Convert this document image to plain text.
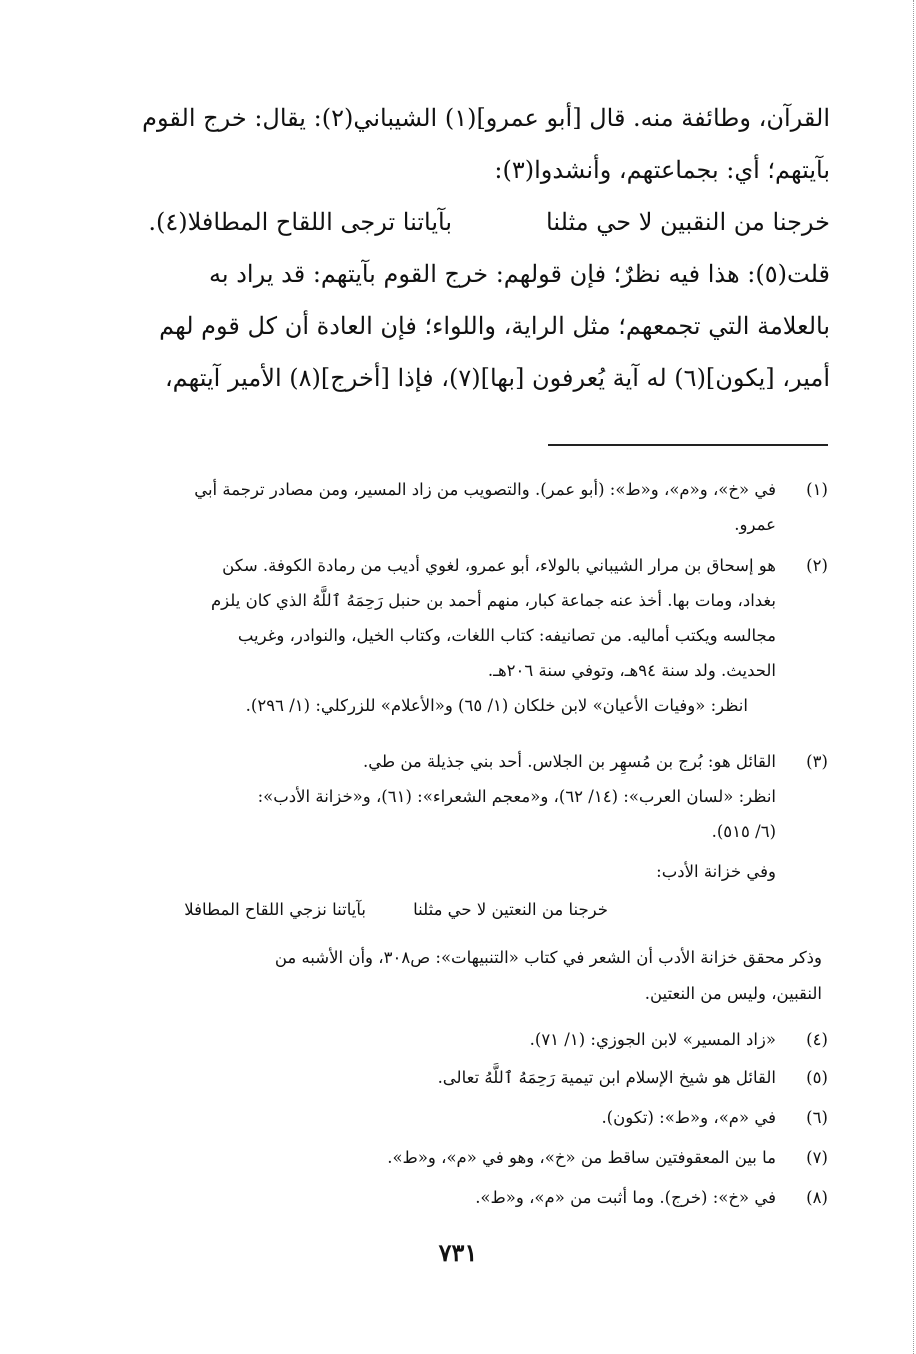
القرآن، وطائفة منه. قال [أبو عمرو](١) الشيباني(٢): يقال: خرج القوم
بآيتهم؛ أي: بجماعتهم، وأنشدوا(٣):
خرجنا من النقبين لا حي مثلنا
بآياتنا ترجى اللقاح المطافلا(٤).
قلت(٥): هذا فيه نظرٌ؛ فإن قولهم: خرج القوم بآيتهم: قد يراد به
بالعلامة التي تجمعهم؛ مثل الراية، واللواء؛ فإن العادة أن كل قوم لهم
أمير، [يكون](٦) له آية يُعرفون [بها](٧)، فإذا [أخرج](٨) الأمير آيتهم،
(١)
في «خ»، و«م»، و«ط»: (أبو عمر). والتصويب من زاد المسير، ومن مصادر ترجمة أبي
عمرو.
(٢)
هو إسحاق بن مرار الشيباني بالولاء، أبو عمرو، لغوي أديب من رمادة الكوفة. سكن
بغداد، ومات بها. أخذ عنه جماعة كبار، منهم أحمد بن حنبل رَحِمَهُ ٱللَّهُ الذي كان يلزم
مجالسه ويكتب أماليه. من تصانيفه: كتاب اللغات، وكتاب الخيل، والنوادر، وغريب
الحديث. ولد سنة ٩٤هـ، وتوفي سنة ٢٠٦هـ.
انظر: «وفيات الأعيان» لابن خلكان (١/ ٦٥) و«الأعلام» للزركلي: (١/ ٢٩٦).
(٣)
القائل هو: بُرج بن مُسهِر بن الجلاس. أحد بني جذيلة من طي.
انظر: «لسان العرب»: (١٤/ ٦٢)، و«معجم الشعراء»: (٦١)، و«خزانة الأدب»:
(٦/ ٥١٥).
وفي خزانة الأدب:
خرجنا من النعتين لا حي مثلنا
بآياتنا نزجي اللقاح المطافلا
وذكر محقق خزانة الأدب أن الشعر في كتاب «التنبيهات»: ص٣٠٨، وأن الأشبه من
النقبين، وليس من النعتين.
(٤)
«زاد المسير» لابن الجوزي: (١/ ٧١).
(٥)
القائل هو شيخ الإسلام ابن تيمية رَحِمَهُ ٱللَّهُ تعالى.
(٦)
في «م»، و«ط»: (تكون).
(٧)
ما بين المعقوفتين ساقط من «خ»، وهو في «م»، و«ط».
(٨)
في «خ»: (خرج). وما أثبت من «م»، و«ط».
٧٣١
